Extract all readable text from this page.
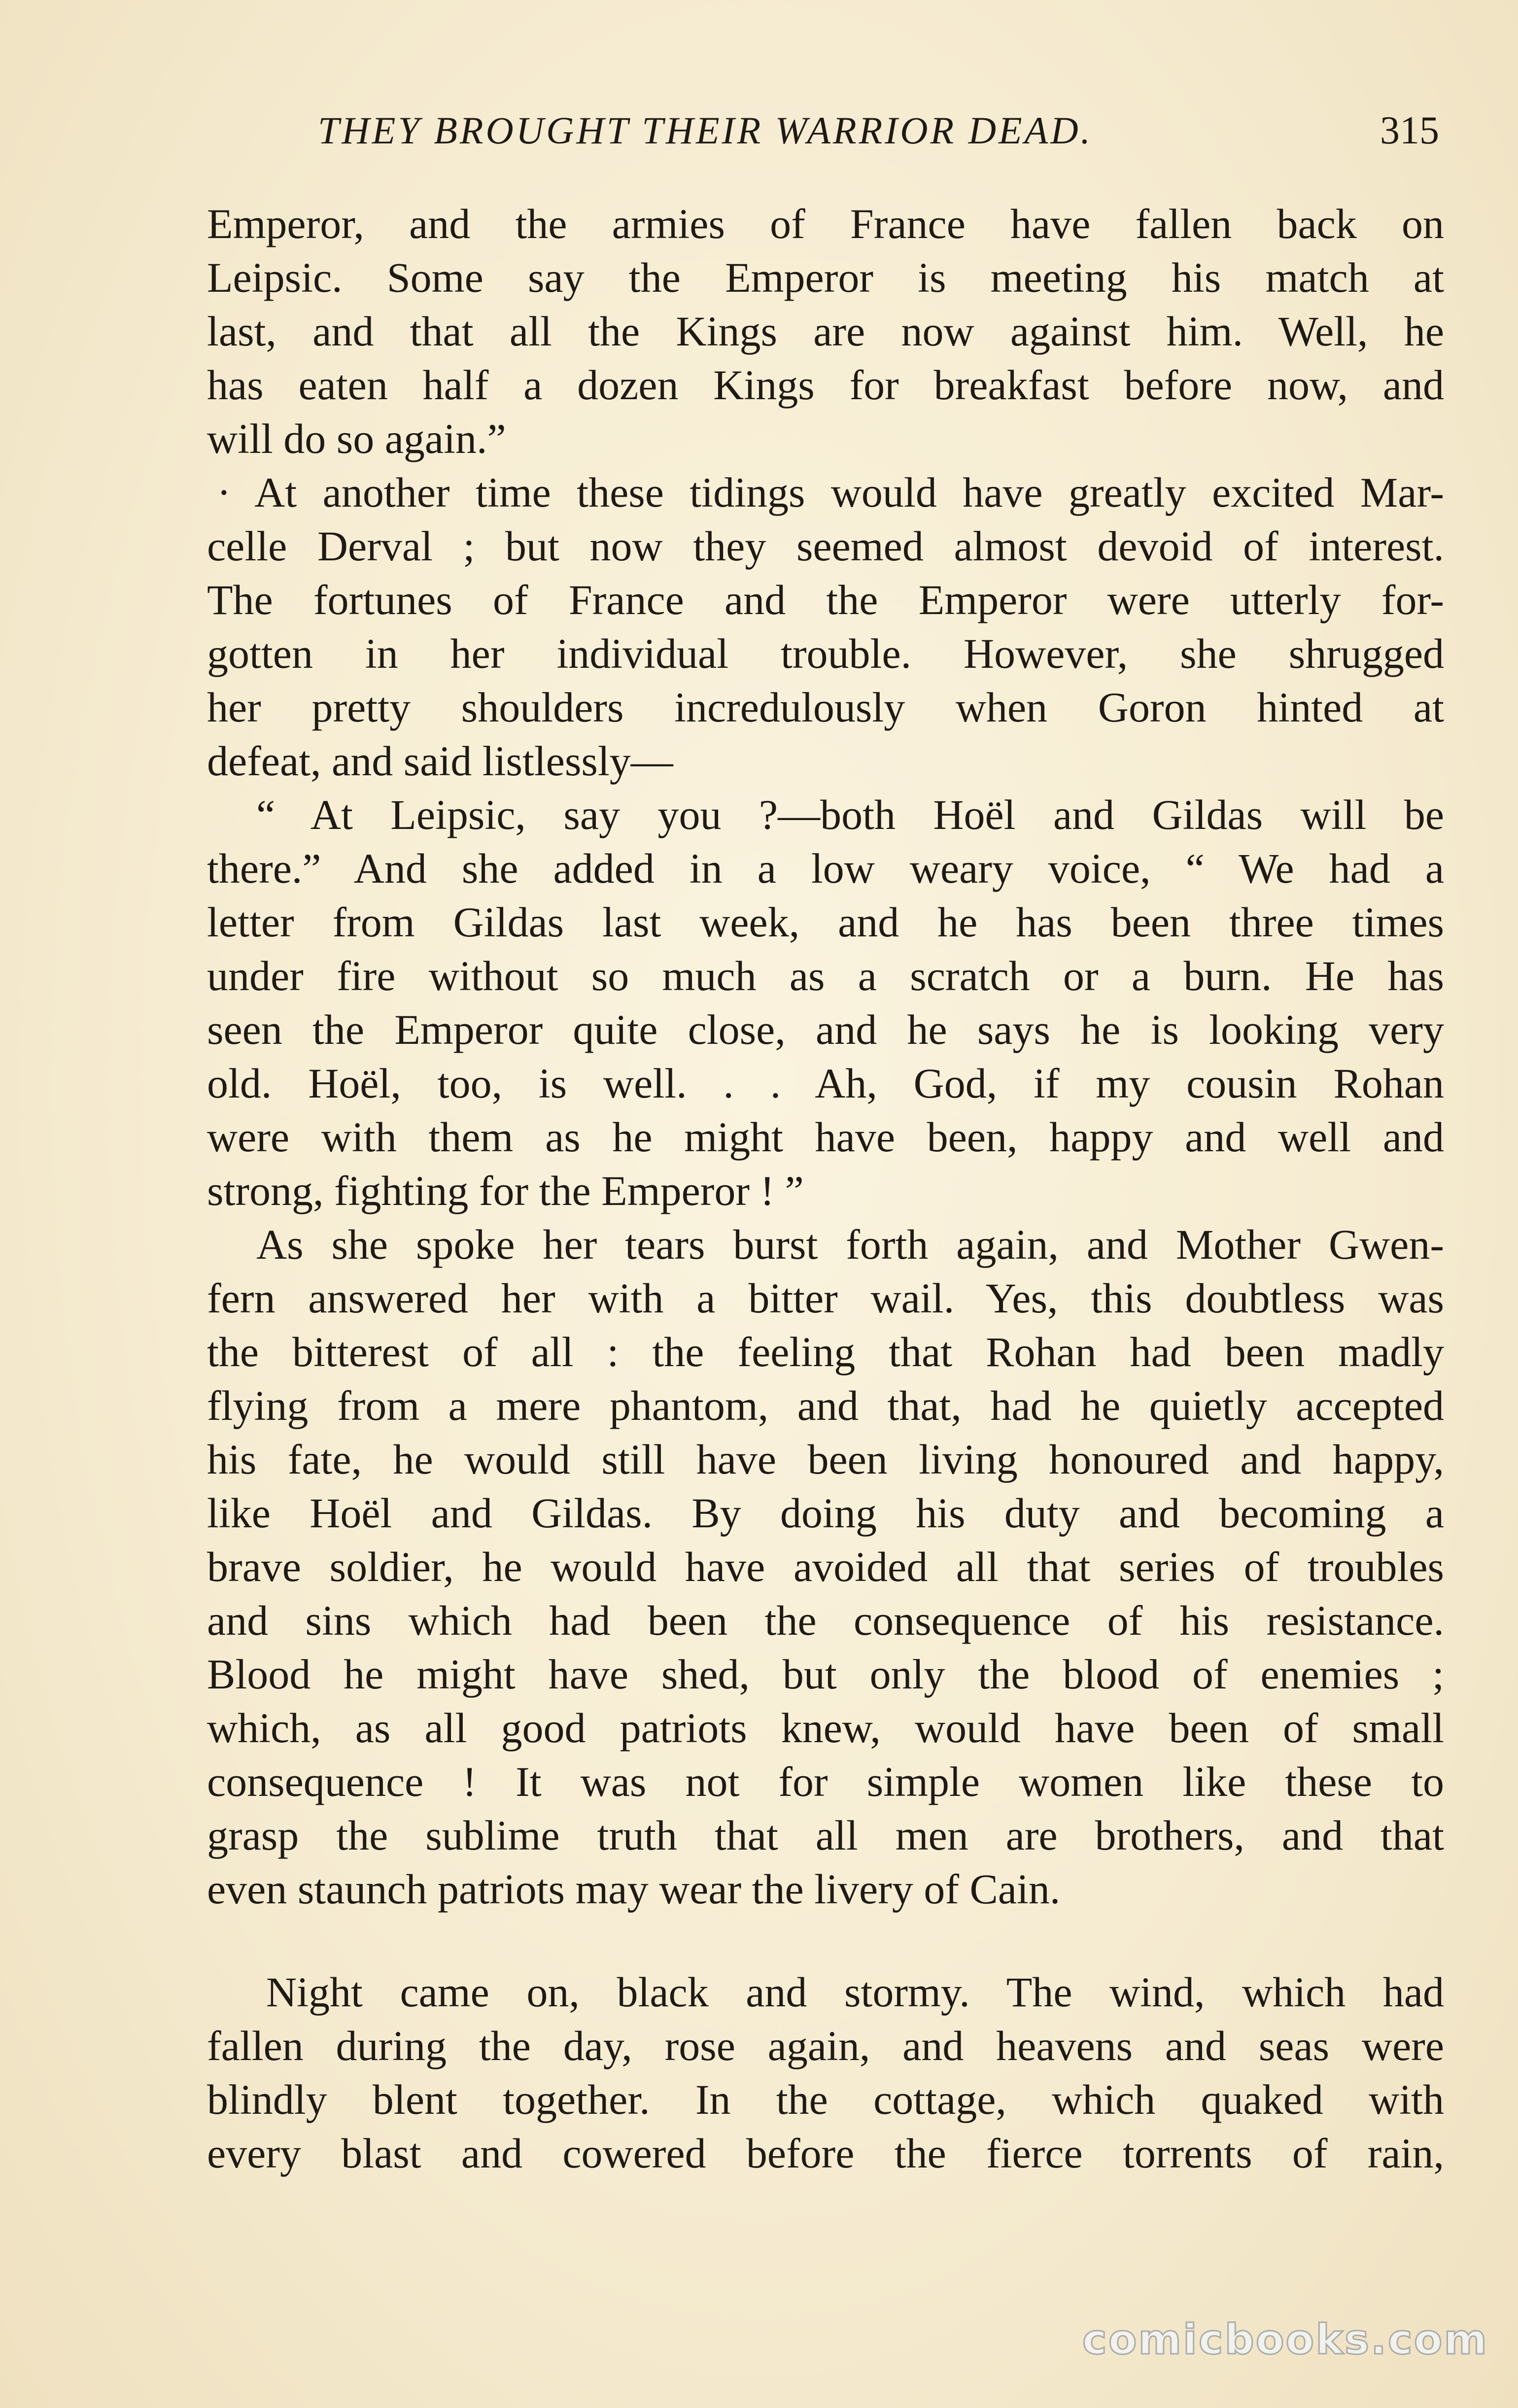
THEY BROUGHT THEIR WARRIOR DEAD.	315
Emperor, and the armies of France have fallen back on
Leipsic. Some say the Emperor is meeting his match at
last, and that all the Kings are now against him. Well, he
has eaten half a dozen Kings for breakfast before now, and
will do so again.”
· At another time these tidings would have greatly excited Mar-
celle Derval ; but now they seemed almost devoid of interest.
The fortunes of France and the Emperor were utterly for-
gotten in her individual trouble. However, she shrugged
her pretty shoulders incredulously when Goron hinted at
defeat, and said listlessly—
“ At Leipsic, say you ?—both Hoël and Gildas will be
there.” And she added in a low weary voice, “ We had a
letter from Gildas last week, and he has been three times
under fire without so much as a scratch or a burn. He has
seen the Emperor quite close, and he says he is looking very
old. Hoël, too, is well. . . Ah, God, if my cousin Rohan
were with them as he might have been, happy and well and
strong, fighting for the Emperor ! ”
As she spoke her tears burst forth again, and Mother Gwen-
fern answered her with a bitter wail. Yes, this doubtless was
the bitterest of all : the feeling that Rohan had been madly
flying from a mere phantom, and that, had he quietly accepted
his fate, he would still have been living honoured and happy,
like Hoël and Gildas. By doing his duty and becoming a
brave soldier, he would have avoided all that series of troubles
and sins which had been the consequence of his resistance.
Blood he might have shed, but only the blood of enemies ;
which, as all good patriots knew, would have been of small
consequence ! It was not for simple women like these to
grasp the sublime truth that all men are brothers, and that
even staunch patriots may wear the livery of Cain.
Night came on, black and stormy. The wind, which had
fallen during the day, rose again, and heavens and seas were
blindly blent together. In the cottage, which quaked with
every blast and cowered before the fierce torrents of rain,
comicbooks.com
